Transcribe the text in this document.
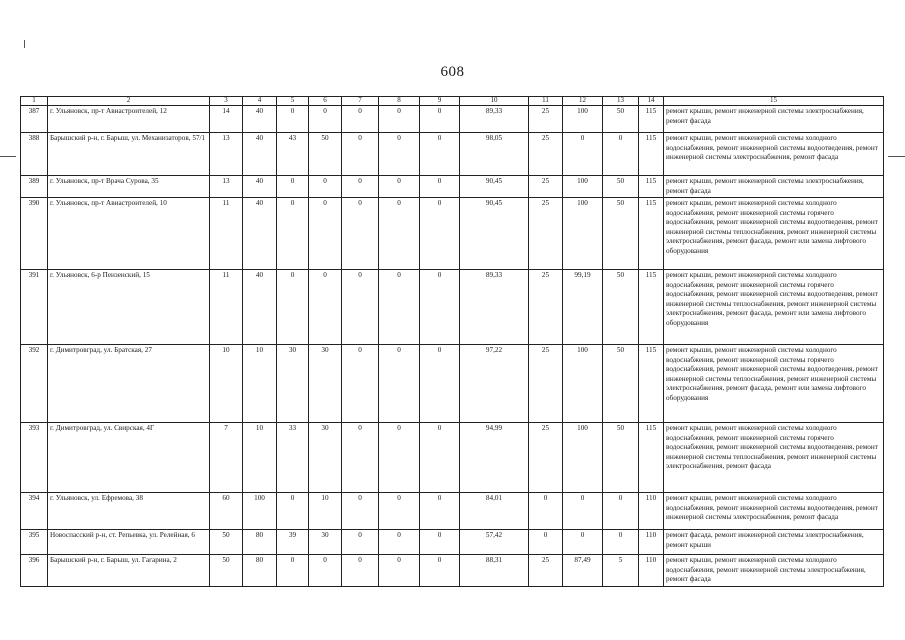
608
1	2	3	4	5	6	7	8	9	10	11	12	13	14	15
387	г. Ульяновск, пр-т Авиастроителей, 12	14	40	0	0	0	0	0	89,33	25	100	50	115	ремонт крыши, ремонт инженерной системы электроснабжения, ремонт фасада
388	Барышский р-н, г. Барыш, ул. Механизаторов, 57/1	13	40	43	50	0	0	0	98,05	25	0	0	115	ремонт крыши, ремонт инженерной системы холодного водоснабжения, ремонт инженерной системы водоотведения, ремонт инженерной системы электроснабжения, ремонт фасада
389	г. Ульяновск, пр-т Врача Сурова, 35	13	40	0	0	0	0	0	90,45	25	100	50	115	ремонт крыши, ремонт инженерной системы электроснабжения, ремонт фасада
390	г. Ульяновск, пр-т Авиастроителей, 10	11	40	0	0	0	0	0	90,45	25	100	50	115	ремонт крыши, ремонт инженерной системы холодного водоснабжения, ремонт инженерной системы горячего водоснабжения, ремонт инженерной системы водоотведения, ремонт инженерной системы теплоснабжения, ремонт инженерной системы электроснабжения, ремонт фасада, ремонт или замена лифтового оборудования
391	г. Ульяновск, 6-р Пензенский, 15	11	40	0	0	0	0	0	89,33	25	99,19	50	115	ремонт крыши, ремонт инженерной системы холодного водоснабжения, ремонт инженерной системы горячего водоснабжения, ремонт инженерной системы водоотведения, ремонт инженерной системы теплоснабжения, ремонт инженерной системы электроснабжения, ремонт фасада, ремонт или замена лифтового оборудования
392	г. Димитровград, ул. Братская, 27	10	10	30	30	0	0	0	97,22	25	100	50	115	ремонт крыши, ремонт инженерной системы холодного водоснабжения, ремонт инженерной системы горячего водоснабжения, ремонт инженерной системы водоотведения, ремонт инженерной системы теплоснабжения, ремонт инженерной системы электроснабжения, ремонт фасада, ремонт или замена лифтового оборудования
393	г. Димитровград, ул. Свирская, 4Г	7	10	33	30	0	0	0	94,99	25	100	50	115	ремонт крыши, ремонт инженерной системы холодного водоснабжения, ремонт инженерной системы горячего водоснабжения, ремонт инженерной системы водоотведения, ремонт инженерной системы теплоснабжения, ремонт инженерной системы электроснабжения, ремонт фасада
394	г. Ульяновск, ул. Ефремова, 38	60	100	0	10	0	0	0	84,01	0	0	0	110	ремонт крыши, ремонт инженерной системы холодного водоснабжения, ремонт инженерной системы водоотведения, ремонт инженерной системы электроснабжения, ремонт фасада
395	Новоспасский р-н, ст. Репьевка, ул. Релейная, 6	50	80	39	30	0	0	0	57,42	0	0	0	110	ремонт фасада, ремонт инженерной системы электроснабжения, ремонт крыши
396	Барышский р-н, г. Барыш, ул. Гагарина, 2	50	80	0	0	0	0	0	88,31	25	87,49	5	110	ремонт крыши, ремонт инженерной системы холодного водоснабжения, ремонт инженерной системы электроснабжения, ремонт фасада
